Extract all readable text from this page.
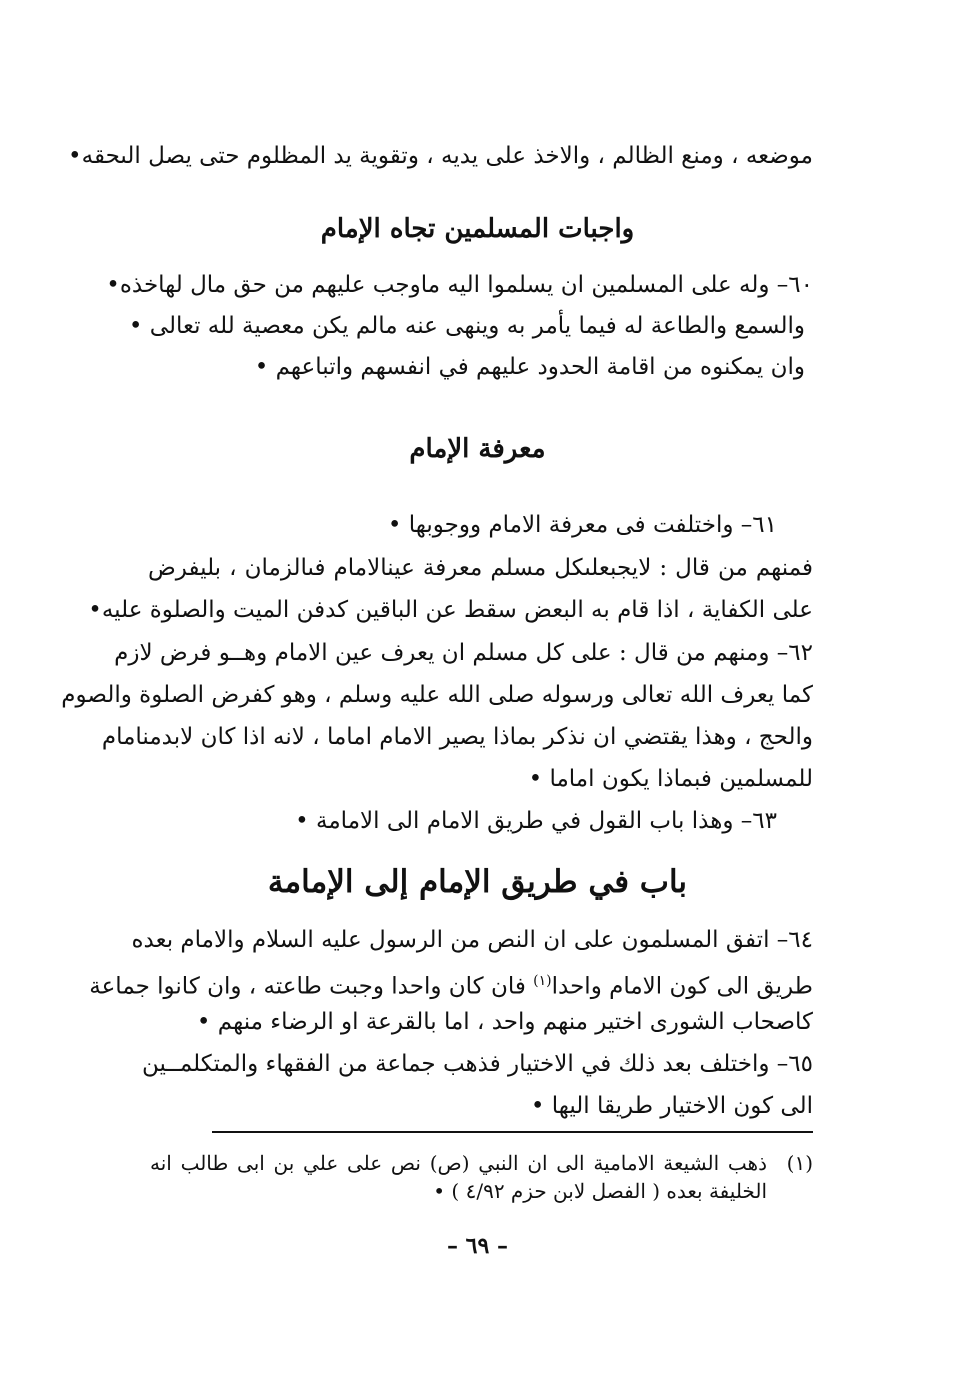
موضعه ، ومنع الظالم ، والاخذ على يديه ، وتقوية يد المظلوم حتى يصل الىحقه•
واجبات المسلمين تجاه الإمام
٦٠– وله على المسلمين ان يسلموا اليه ماوجب عليهم من حق مال لهاخذه•
والسمع والطاعة له فيما يأمر به وينهى عنه مالم يكن معصية لله تعالى •
وان يمكنوه من اقامة الحدود عليهم في انفسهم واتباعهم •
معرفة الإمام
٦١– واختلفت فى معرفة الامام ووجوبها •
فمنهم من قال : لايجبعلىكل مسلم معرفة عينالامام فىالزمان ، بليفرض
على الكفاية ، اذا قام به البعض سقط عن الباقين كدفن الميت والصلوة عليه•
٦٢– ومنهم من قال : على كل مسلم ان يعرف عين الامام وهــو فرض لازم
كما يعرف الله تعالى ورسوله صلى الله عليه وسلم ، وهو كفرض الصلوة والصوم
والحج ، وهذا يقتضي ان نذكر بماذا يصير الامام اماما ، لانه اذا كان لابدمنامام
للمسلمين فبماذا يكون اماما •
٦٣– وهذا باب القول في طريق الامام الى الامامة •
باب في طريق الإمام إلى الإمامة
٦٤– اتفق المسلمون على ان النص من الرسول عليه السلام والامام بعده
طريق الى كون الامام واحدا$^{(١)}$ فان كان واحدا وجبت طاعته ، وان كانوا جماعة
كاصحاب الشورى اختير منهم واحد ، اما بالقرعة او الرضاء منهم •
٦٥– واختلف بعد ذلك في الاختيار فذهب جماعة من الفقهاء والمتكلمــين
الى كون الاختيار طريقا اليها •
(١)
ذهب الشيعة الامامية الى ان النبي (ص) نص على علي بن ابى طالب انه
الخليفة بعده ( الفصل لابن حزم ٤/٩٢ ) •
– ٦٩ –
